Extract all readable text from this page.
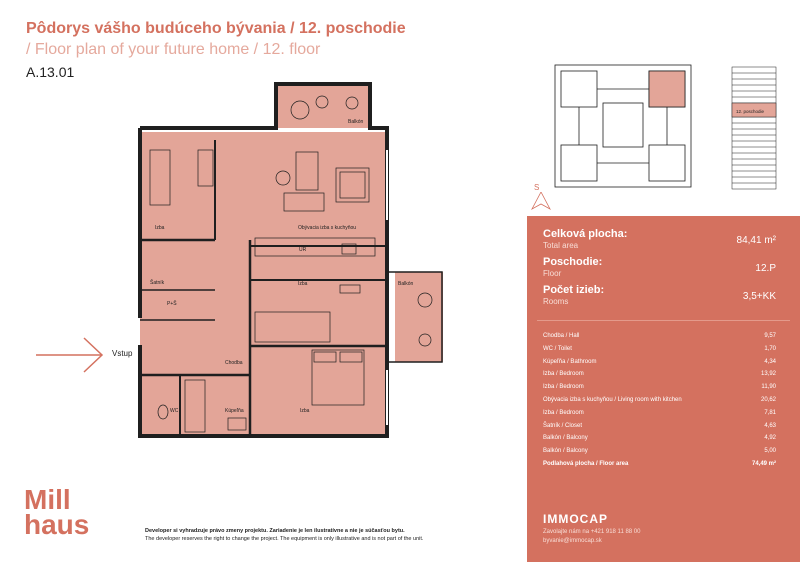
Pôdorys vášho budúceho bývania / 12. poschodie
/ Floor plan of your future home / 12. floor
A.13.01
Vstup
Balkón
Izba	Obývacia izba s kuchyňou
UR
Šatník
P+Š
Izba	Balkón
Chodba
WC	Kúpeľňa	Izba
Mill
haus	Developer si vyhradzuje právo zmeny projektu. Zariadenie je len ilustratívne a nie je súčasťou bytu.
The developer reserves the right to change the project. The equipment is only illustrative and is not part of the unit.
S
12. poschodie
Celková plocha:
Total area	84,41 m²
Poschodie:
Floor	12.P
Počet izieb:
Rooms	3,5+KK
Chodba / Hall	9,57
WC / Toilet	1,70
Kúpeľňa / Bathroom	4,34
Izba / Bedroom	13,92
Izba / Bedroom	11,90
Obývacia izba s kuchyňou / Living room with kitchen	20,62
Izba / Bedroom	7,81
Šatník / Closet	4,63
Balkón / Balcony	4,92
Balkón / Balcony	5,00
Podlahová plocha / Floor area	74,49 m²
IMMOCAP
Zavolajte nám na +421 918 11 88 00
byvanie@immocap.sk
